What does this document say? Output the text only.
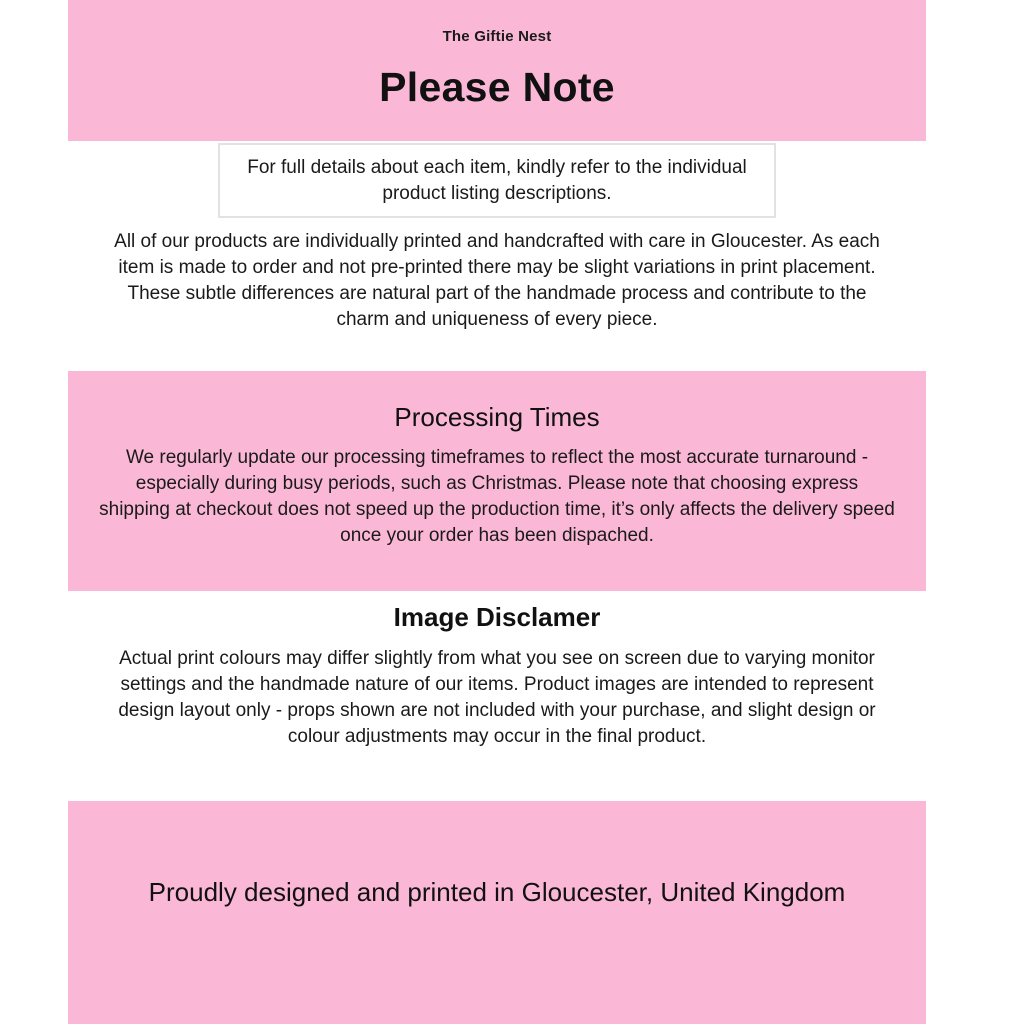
The Giftie Nest
Please Note
For full details about each item, kindly refer to the individual product listing descriptions.

All of our products are individually printed and handcrafted with care in Gloucester. As each item is made to order and not pre-printed there may be slight variations in print placement. These subtle differences are natural part of the handmade process and contribute to the charm and uniqueness of every piece.

Processing Times

We regularly update our processing timeframes to reflect the most accurate turnaround - especially during busy periods, such as Christmas. Please note that choosing express shipping at checkout does not speed up the production time, it’s only affects the delivery speed once your order has been dispached.

Image Disclamer

Actual print colours may differ slightly from what you see on screen due to varying monitor settings and the handmade nature of our items. Product images are intended to represent design layout only - props shown are not included with your purchase, and slight design or colour adjustments may occur in the final product.

Proudly designed and printed in Gloucester, United Kingdom
